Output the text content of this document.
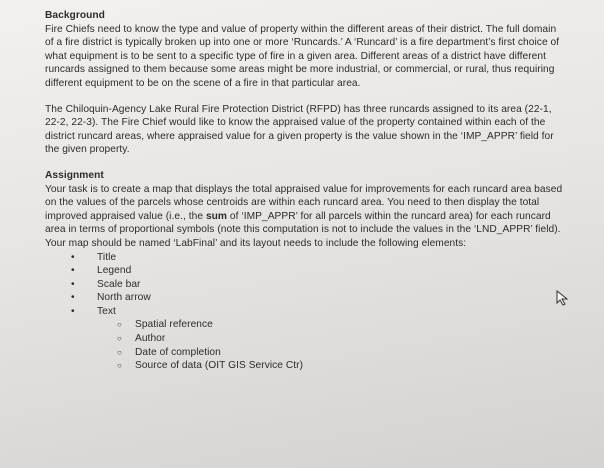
Background

Fire Chiefs need to know the type and value of property within the different areas of their district. The full domain of a fire district is typically broken up into one or more ‘Runcards.’ A ‘Runcard’ is a fire department’s first choice of what equipment is to be sent to a specific type of fire in a given area. Different areas of a district have different runcards assigned to them because some areas might be more industrial, or commercial, or rural, thus requiring different equipment to be on the scene of a fire in that particular area.

The Chiloquin-Agency Lake Rural Fire Protection District (RFPD) has three runcards assigned to its area (22-1, 22-2, 22-3). The Fire Chief would like to know the appraised value of the property contained within each of the district runcard areas, where appraised value for a given property is the value shown in the ‘IMP_APPR’ field for the given property.

Assignment

Your task is to create a map that displays the total appraised value for improvements for each runcard area based on the values of the parcels whose centroids are within each runcard area. You need to then display the total improved appraised value (i.e., the sum of ‘IMP_APPR’ for all parcels within the runcard area) for each runcard area in terms of proportional symbols (note this computation is not to include the values in the ‘LND_APPR’ field). Your map should be named ‘LabFinal’ and its layout needs to include the following elements:

• Title
• Legend
• Scale bar
• North arrow
• Text
○ Spatial reference
○ Author
○ Date of completion
○ Source of data (OIT GIS Service Ctr)
